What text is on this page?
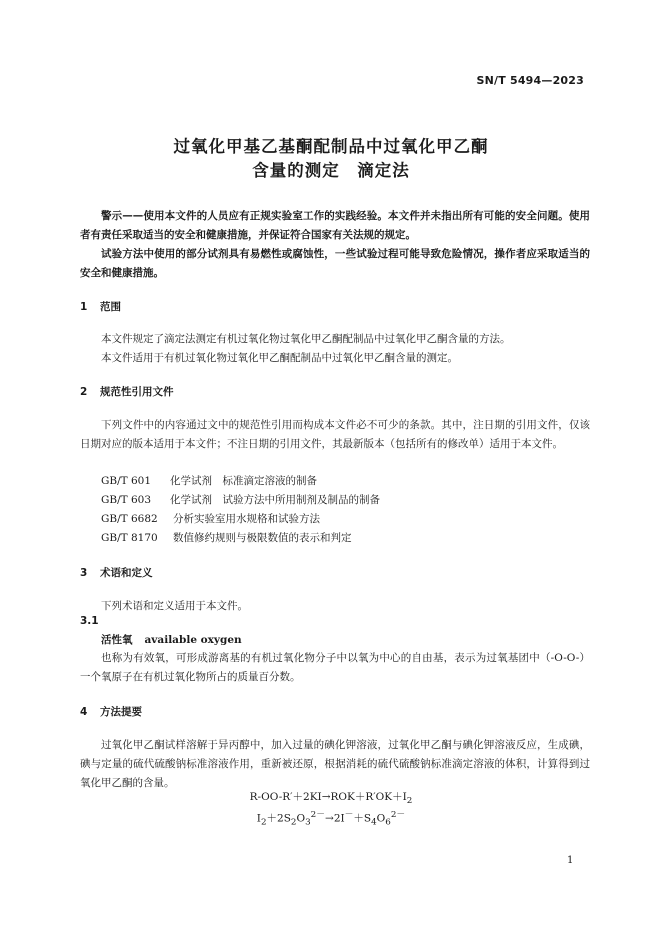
SN/T 5494—2023
过氧化甲基乙基酮配制品中过氧化甲乙酮
含量的测定　滴定法
警示——使用本文件的人员应有正规实验室工作的实践经验。本文件并未指出所有可能的安全问题。使用者有责任采取适当的安全和健康措施，并保证符合国家有关法规的规定。
试验方法中使用的部分试剂具有易燃性或腐蚀性，一些试验过程可能导致危险情况，操作者应采取适当的安全和健康措施。
1 范围
本文件规定了滴定法测定有机过氧化物过氧化甲乙酮配制品中过氧化甲乙酮含量的方法。
本文件适用于有机过氧化物过氧化甲乙酮配制品中过氧化甲乙酮含量的测定。
2 规范性引用文件
下列文件中的内容通过文中的规范性引用而构成本文件必不可少的条款。其中，注日期的引用文件，仅该日期对应的版本适用于本文件；不注日期的引用文件，其最新版本（包括所有的修改单）适用于本文件。
GB/T 601 化学试剂　标准滴定溶液的制备
GB/T 603 化学试剂　试验方法中所用制剂及制品的制备
GB/T 6682 分析实验室用水规格和试验方法
GB/T 8170 数值修约规则与极限数值的表示和判定
3 术语和定义
下列术语和定义适用于本文件。
3.1
活性氧 available oxygen
也称为有效氧，可形成游离基的有机过氧化物分子中以氧为中心的自由基，表示为过氧基团中（-O-O-）一个氧原子在有机过氧化物所占的质量百分数。
4 方法提要
过氧化甲乙酮试样溶解于异丙醇中，加入过量的碘化钾溶液，过氧化甲乙酮与碘化钾溶液反应，生成碘，碘与定量的硫代硫酸钠标准溶液作用，重新被还原，根据消耗的硫代硫酸钠标准滴定溶液的体积，计算得到过氧化甲乙酮的含量。
$R-OO-R'+2KI\to ROK+R'OK+I_2$
$I_2+2S_2O_3^{2-}\to 2I^-+S_4O_6^{2-}$
1
